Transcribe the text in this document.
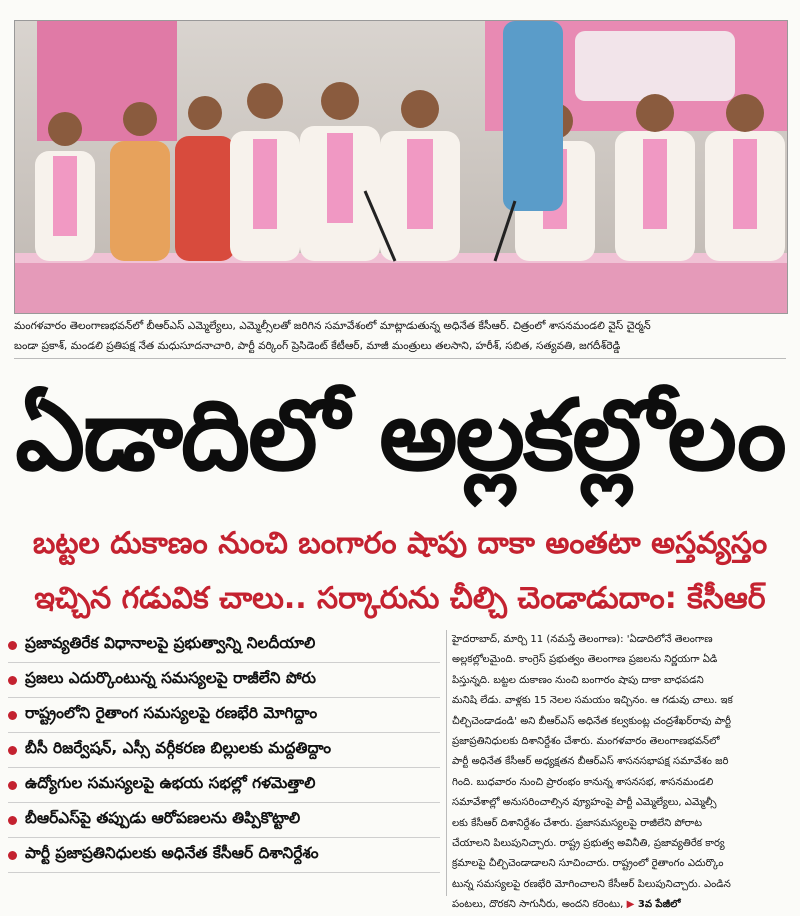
మంగళవారం తెలంగాణభవన్‌లో బీఆర్‌ఎస్ ఎమ్మెల్యేలు, ఎమ్మెల్సీలతో జరిగిన సమావేశంలో మాట్లాడుతున్న అధినేత కేసీఆర్. చిత్రంలో శాసనమండలి వైస్ చైర్మన్
బండా ప్రకాశ్, మండలి ప్రతిపక్ష నేత మధుసూదనాచారి, పార్టీ వర్కింగ్ ప్రెసిడెంట్ కేటీఆర్, మాజీ మంత్రులు తలసాని, హరీశ్, సబిత, సత్యవతి, జగదీశ్‌రెడ్డి
ఏడాదిలో అల్లకల్లోలం
బట్టల దుకాణం నుంచి బంగారం షాపు దాకా అంతటా అస్తవ్యస్తం
ఇచ్చిన గడువిక చాలు.. సర్కారును చీల్చి చెండాడుదాం: కేసీఆర్
ప్రజావ్యతిరేక విధానాలపై ప్రభుత్వాన్ని నిలదీయాలి
ప్రజలు ఎదుర్కొంటున్న సమస్యలపై రాజీలేని పోరు
రాష్ట్రంలోని రైతాంగ సమస్యలపై రణభేరి మోగిద్దాం
బీసీ రిజర్వేషన్, ఎస్సీ వర్గీకరణ బిల్లులకు మద్దతిద్దాం
ఉద్యోగుల సమస్యలపై ఉభయ సభల్లో గళమెత్తాలి
బీఆర్‌ఎస్‌పై తప్పుడు ఆరోపణలను తిప్పికొట్టాలి
పార్టీ ప్రజాప్రతినిధులకు అధినేత కేసీఆర్ దిశానిర్దేశం

హైదరాబాద్, మార్చి 11 (నమస్తే తెలంగాణ): 'ఏడాదిలోనే తెలంగాణ

అల్లకల్లోలమైంది. కాంగ్రెస్ ప్రభుత్వం తెలంగాణ ప్రజలను నిర్ణయగా ఏడి

పిస్తున్నది. బట్టల దుకాణం నుంచి బంగారం షాపు దాకా బాధపడని

మనిషి లేడు. వాళ్లకు 15 నెలల సమయం ఇచ్చినం. ఆ గడువు చాలు. ఇక

చీల్చిచెండాడండి' అని బీఆర్‌ఎస్ అధినేత కల్వకుంట్ల చంద్రశేఖర్‌రావు పార్టీ

ప్రజాప్రతినిధులకు దిశానిర్దేశం చేశారు. మంగళవారం తెలంగాణభవన్‌లో

పార్టీ అధినేత కేసీఆర్ అధ్యక్షతన బీఆర్‌ఎస్ శాసనసభాపక్ష సమావేశం జరి

గింది. బుధవారం నుంచి ప్రారంభం కానున్న శాసనసభ, శాసనమండలి

సమావేశాల్లో అనుసరించాల్సిన వ్యూహంపై పార్టీ ఎమ్మెల్యేలు, ఎమ్మెల్సీ

లకు కేసీఆర్ దిశానిర్దేశం చేశారు. ప్రజాసమస్యలపై రాజీలేని పోరాట

చేయాలని పిలుపునిచ్చారు. రాష్ట్ర ప్రభుత్వ అవినీతి, ప్రజావ్యతిరేక కార్య

క్రమాలపై చీల్చిచెండాడాలని సూచించారు. రాష్ట్రంలో రైతాంగం ఎదుర్కొం

టున్న సమస్యలపై రణభేరి మోగించాలని కేసీఆర్ పిలుపునిచ్చారు. ఎండిన

పంటలు, దొరకని సాగునీరు, అందని కరెంటు, ▶ 3వ పేజీలో
